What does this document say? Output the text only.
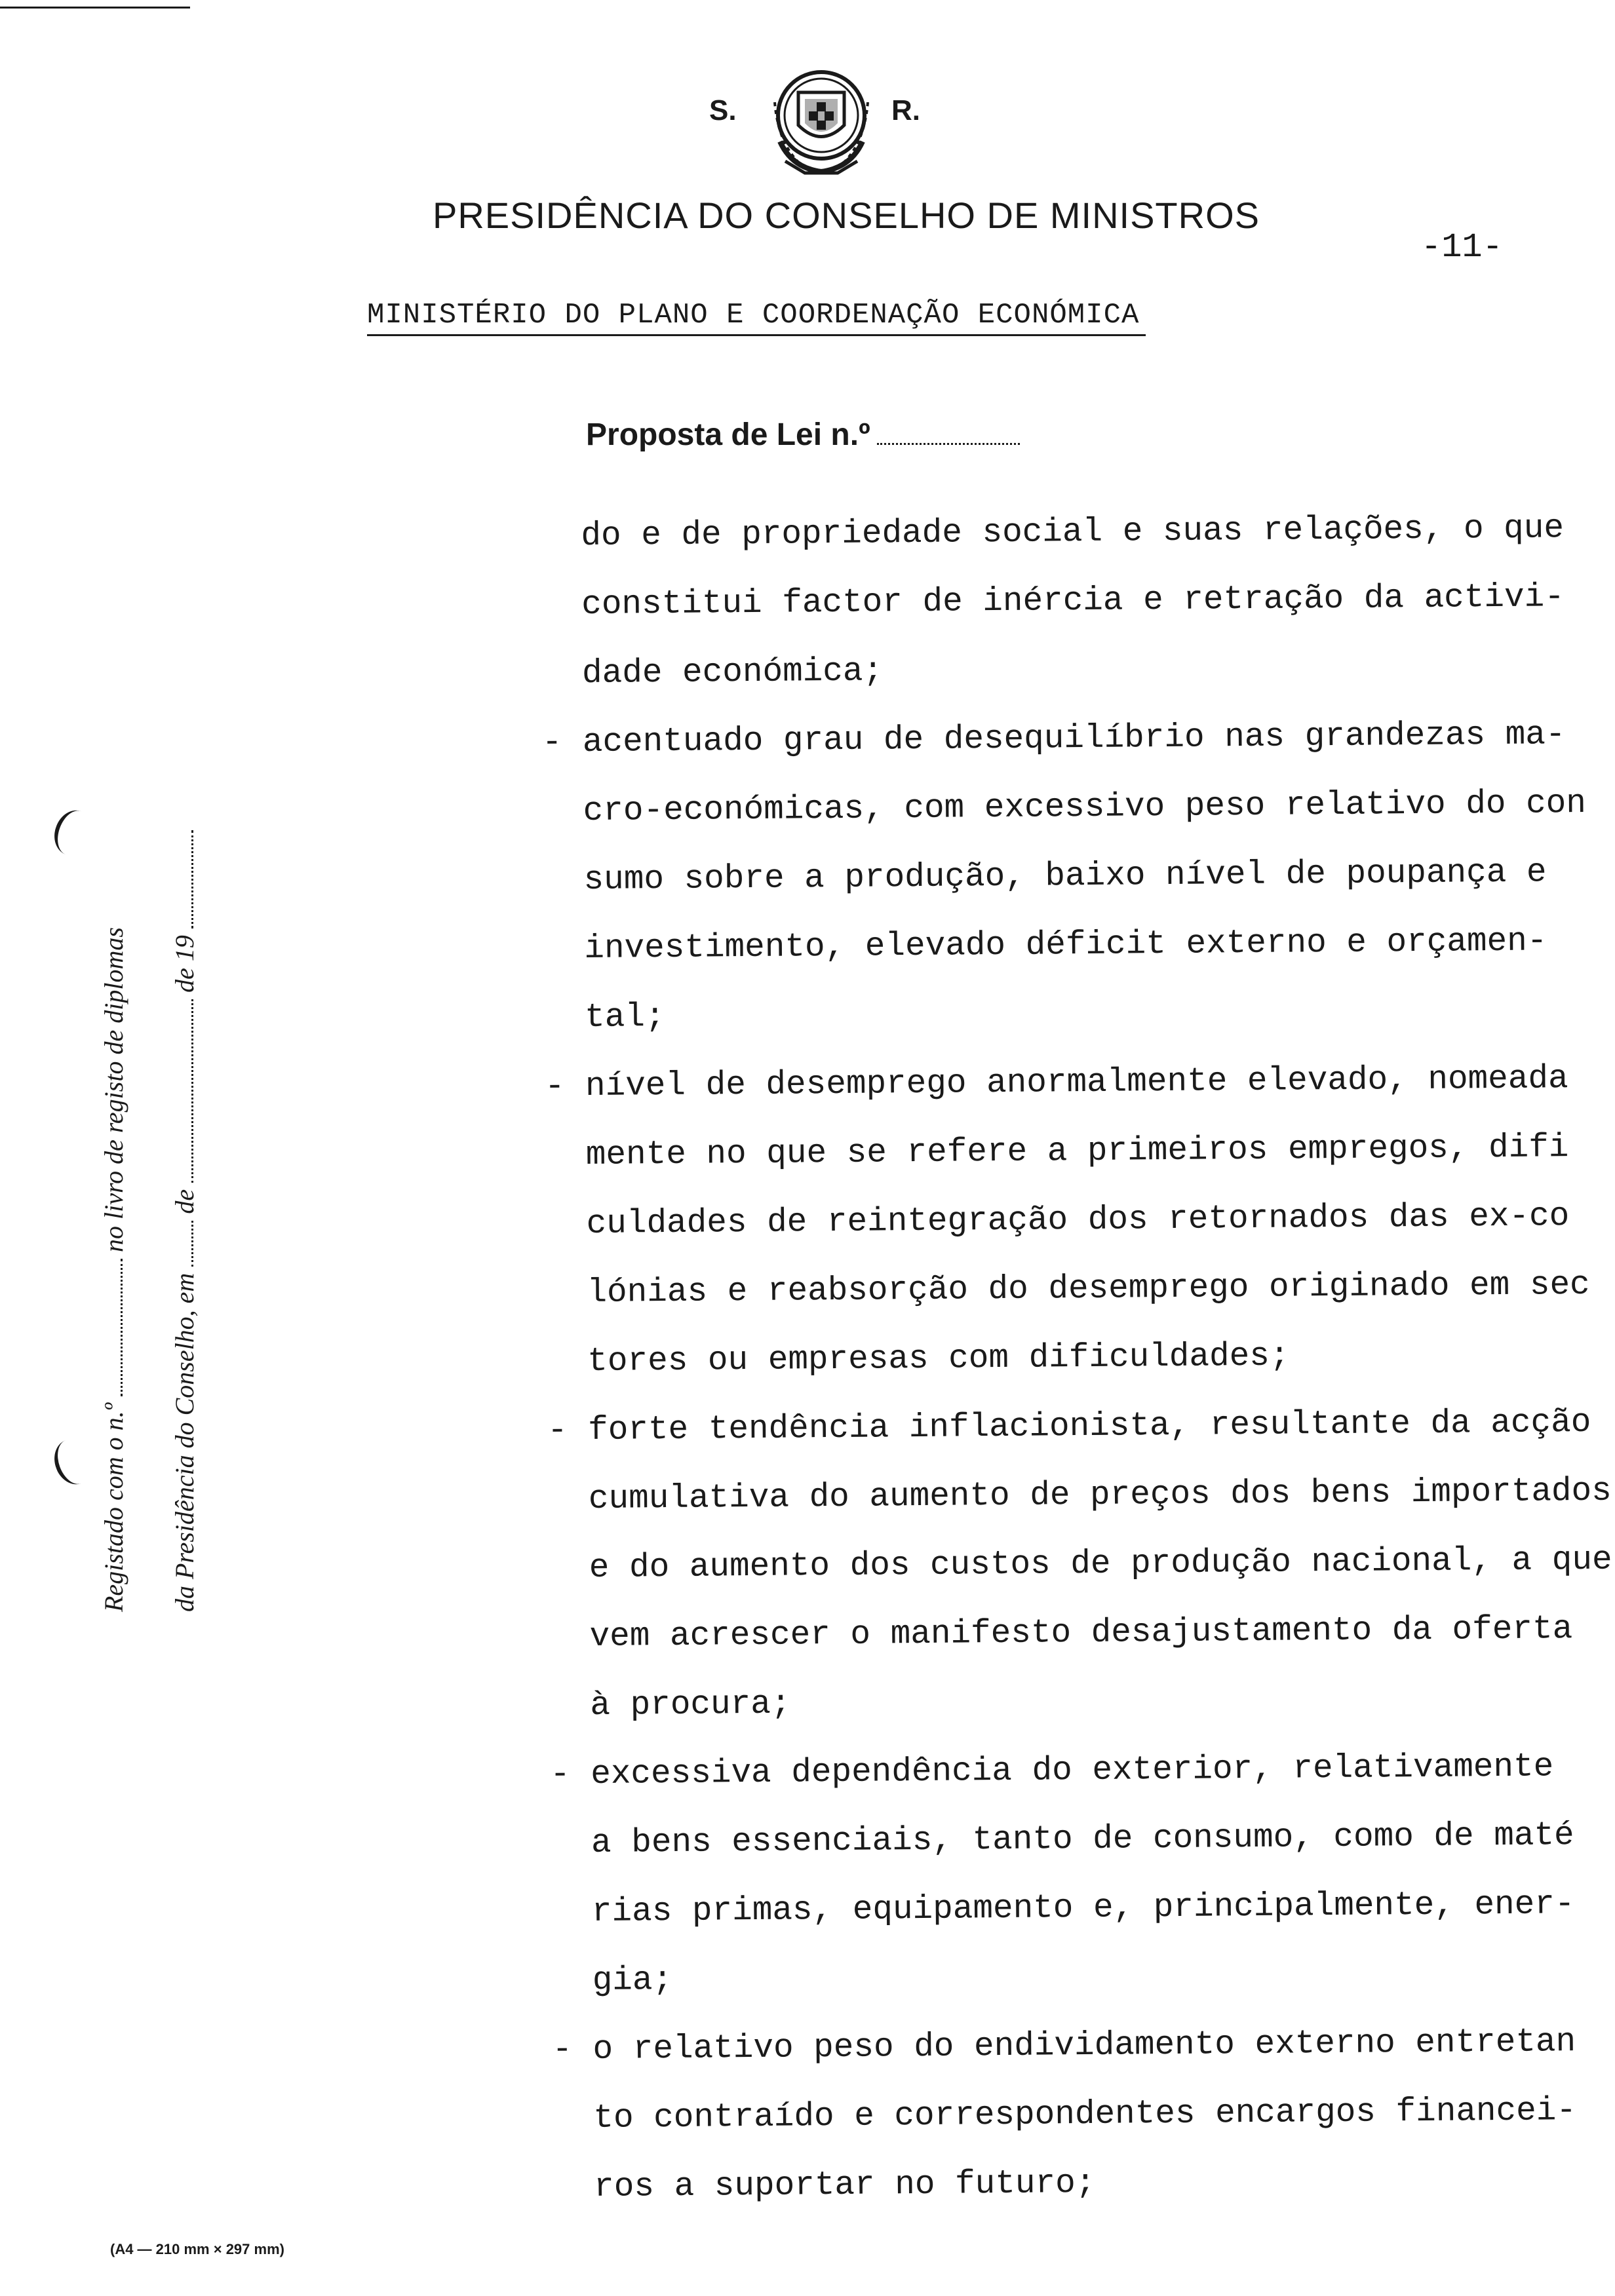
S.	R.
PRESIDÊNCIA DO CONSELHO DE MINISTROS
-11-
MINISTÉRIO DO PLANO E COORDENAÇÃO ECONÓMICA
Proposta de Lei n.º
Registado com o n.º  no livro de registo de diplomas
da Presidência do Conselho, em  de  de 19
do e de propriedade social e suas relações, o que
constitui factor de inércia e retração da activi-
dade económica;
- acentuado grau de desequilíbrio nas grandezas ma-
cro-económicas, com excessivo peso relativo do con
sumo sobre a produção, baixo nível de poupança e
investimento, elevado déficit externo e orçamen-
tal;
- nível de desemprego anormalmente elevado, nomeada
mente no que se refere a primeiros empregos, difi
culdades de reintegração dos retornados das ex-co
lónias e reabsorção do desemprego originado em sec
tores ou empresas com dificuldades;
- forte tendência inflacionista, resultante da acção
cumulativa do aumento de preços dos bens importados
e do aumento dos custos de produção nacional, a que
vem acrescer o manifesto desajustamento da oferta
à procura;
- excessiva dependência do exterior, relativamente
a bens essenciais, tanto de consumo, como de maté
rias primas, equipamento e, principalmente, ener-
gia;
- o relativo peso do endividamento externo entretan
to contraído e correspondentes encargos financei-
ros a suportar no futuro;
(A4 — 210 mm × 297 mm)
